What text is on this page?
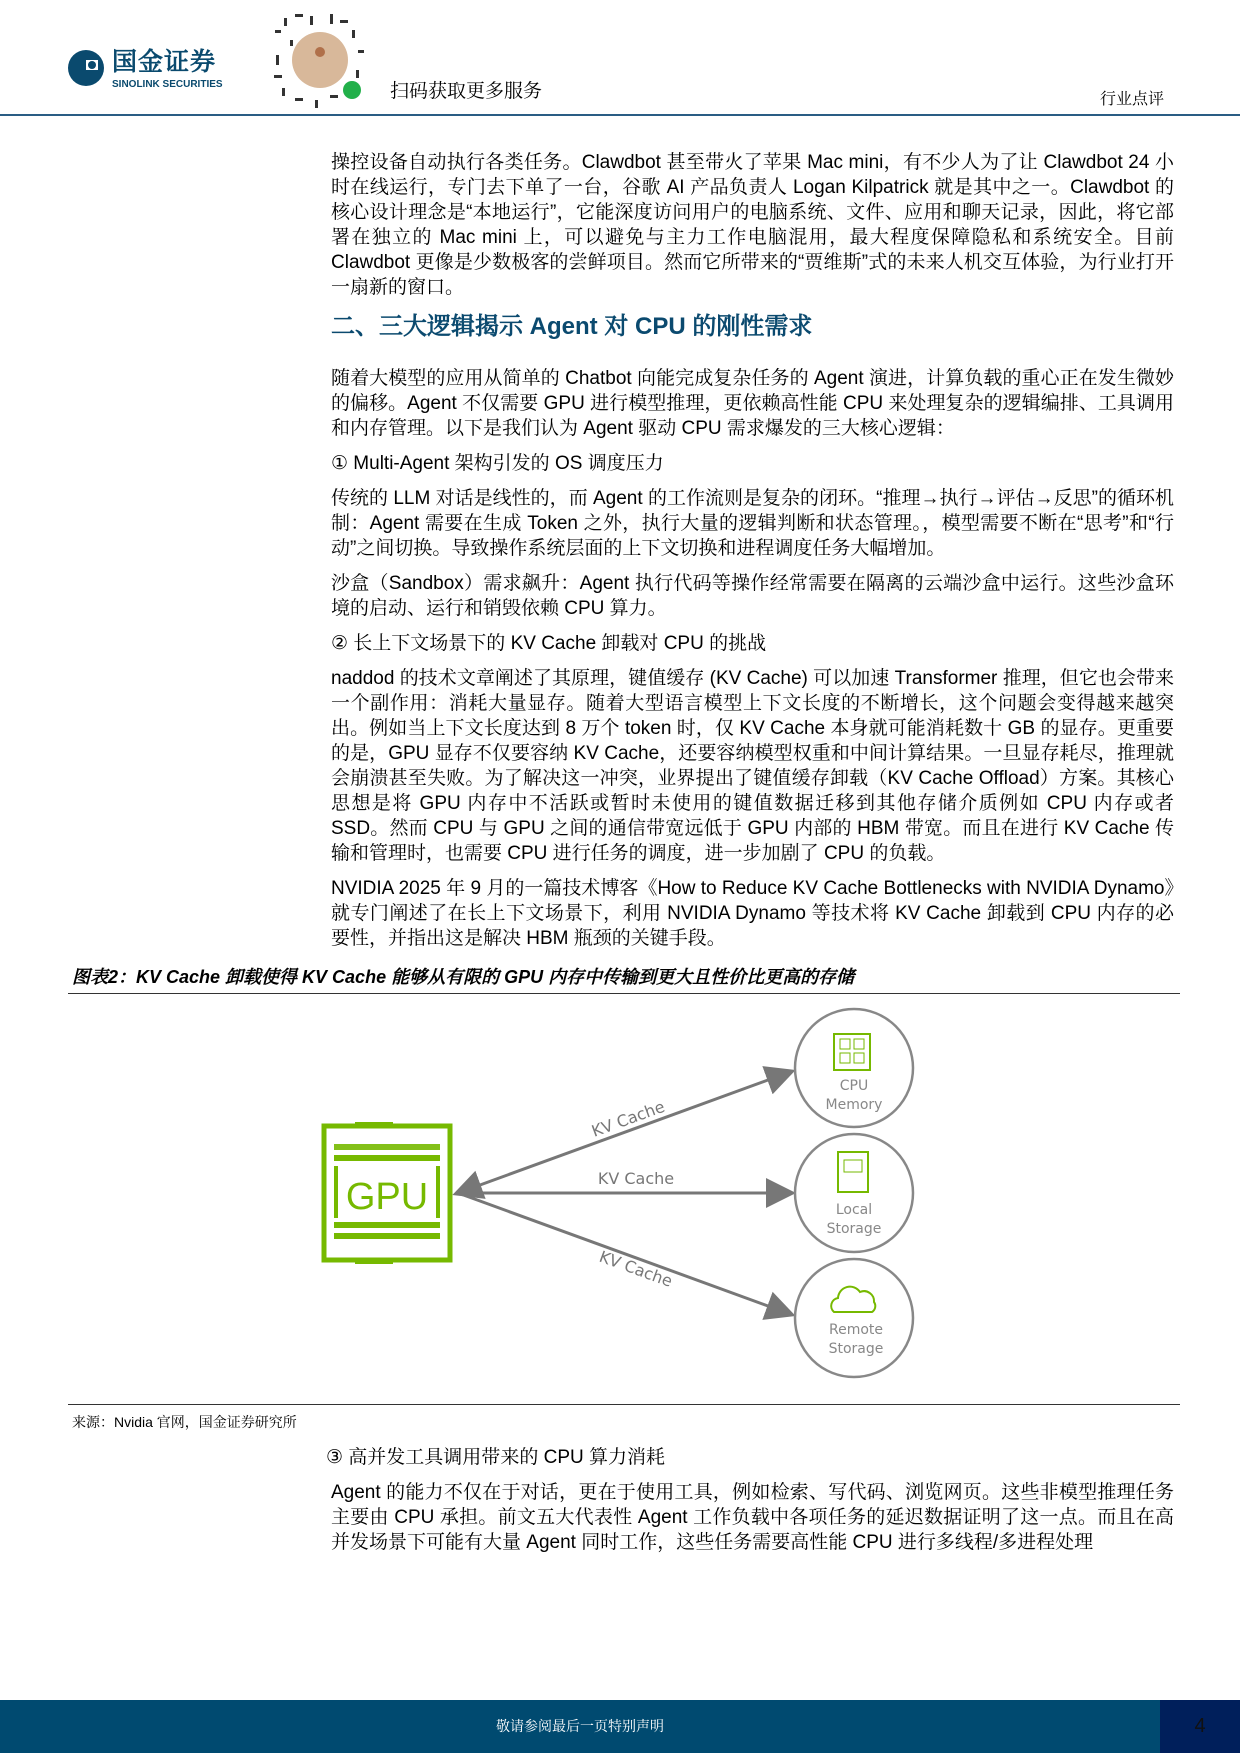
国金证券
SINOLINK SECURITIES	扫码获取更多服务	行业点评
操控设备自动执行各类任务。Clawdbot 甚至带火了苹果 Mac mini，有不少人为了让 Clawdbot 24 小时在线运行，专门去下单了一台，谷歌 AI 产品负责人 Logan Kilpatrick 就是其中之一。Clawdbot 的核心设计理念是“本地运行”，它能深度访问用户的电脑系统、文件、应用和聊天记录，因此，将它部署在独立的 Mac mini 上，可以避免与主力工作电脑混用，最大程度保障隐私和系统安全。目前 Clawdbot 更像是少数极客的尝鲜项目。然而它所带来的“贾维斯”式的未来人机交互体验，为行业打开一扇新的窗口。
二、三大逻辑揭示 Agent 对 CPU 的刚性需求
随着大模型的应用从简单的 Chatbot 向能完成复杂任务的 Agent 演进，计算负载的重心正在发生微妙的偏移。Agent 不仅需要 GPU 进行模型推理，更依赖高性能 CPU 来处理复杂的逻辑编排、工具调用和内存管理。以下是我们认为 Agent 驱动 CPU 需求爆发的三大核心逻辑：
① Multi-Agent 架构引发的 OS 调度压力
传统的 LLM 对话是线性的，而 Agent 的工作流则是复杂的闭环。“推理→执行→评估→反思”的循环机制：Agent 需要在生成 Token 之外，执行大量的逻辑判断和状态管理。，模型需要不断在“思考”和“行动”之间切换。导致操作系统层面的上下文切换和进程调度任务大幅增加。
沙盒（Sandbox）需求飙升：Agent 执行代码等操作经常需要在隔离的云端沙盒中运行。这些沙盒环境的启动、运行和销毁依赖 CPU 算力。
② 长上下文场景下的 KV Cache 卸载对 CPU 的挑战
naddod 的技术文章阐述了其原理，键值缓存 (KV Cache) 可以加速 Transformer 推理，但它也会带来一个副作用：消耗大量显存。随着大型语言模型上下文长度的不断增长，这个问题会变得越来越突出。例如当上下文长度达到 8 万个 token 时，仅 KV Cache 本身就可能消耗数十 GB 的显存。更重要的是，GPU 显存不仅要容纳 KV Cache，还要容纳模型权重和中间计算结果。一旦显存耗尽，推理就会崩溃甚至失败。为了解决这一冲突，业界提出了键值缓存卸载（KV Cache Offload）方案。其核心思想是将 GPU 内存中不活跃或暂时未使用的键值数据迁移到其他存储介质例如 CPU 内存或者 SSD。然而 CPU 与 GPU 之间的通信带宽远低于 GPU 内部的 HBM 带宽。而且在进行 KV Cache 传输和管理时，也需要 CPU 进行任务的调度，进一步加剧了 CPU 的负载。
NVIDIA 2025 年 9 月的一篇技术博客《How to Reduce KV Cache Bottlenecks with NVIDIA Dynamo》就专门阐述了在长上下文场景下，利用 NVIDIA Dynamo 等技术将 KV Cache 卸载到 CPU 内存的必要性，并指出这是解决 HBM 瓶颈的关键手段。
图表2：KV Cache 卸载使得 KV Cache 能够从有限的 GPU 内存中传输到更大且性价比更高的存储
GPU
KV Cache
KV Cache
KV Cache
CPU
Memory
Local
Storage
Remote
Storage
来源：Nvidia 官网，国金证券研究所
③ 高并发工具调用带来的 CPU 算力消耗
Agent 的能力不仅在于对话，更在于使用工具，例如检索、写代码、浏览网页。这些非模型推理任务主要由 CPU 承担。前文五大代表性 Agent 工作负载中各项任务的延迟数据证明了这一点。而且在高并发场景下可能有大量 Agent 同时工作，这些任务需要高性能 CPU 进行多线程/多进程处理
敬请参阅最后一页特别声明	4
